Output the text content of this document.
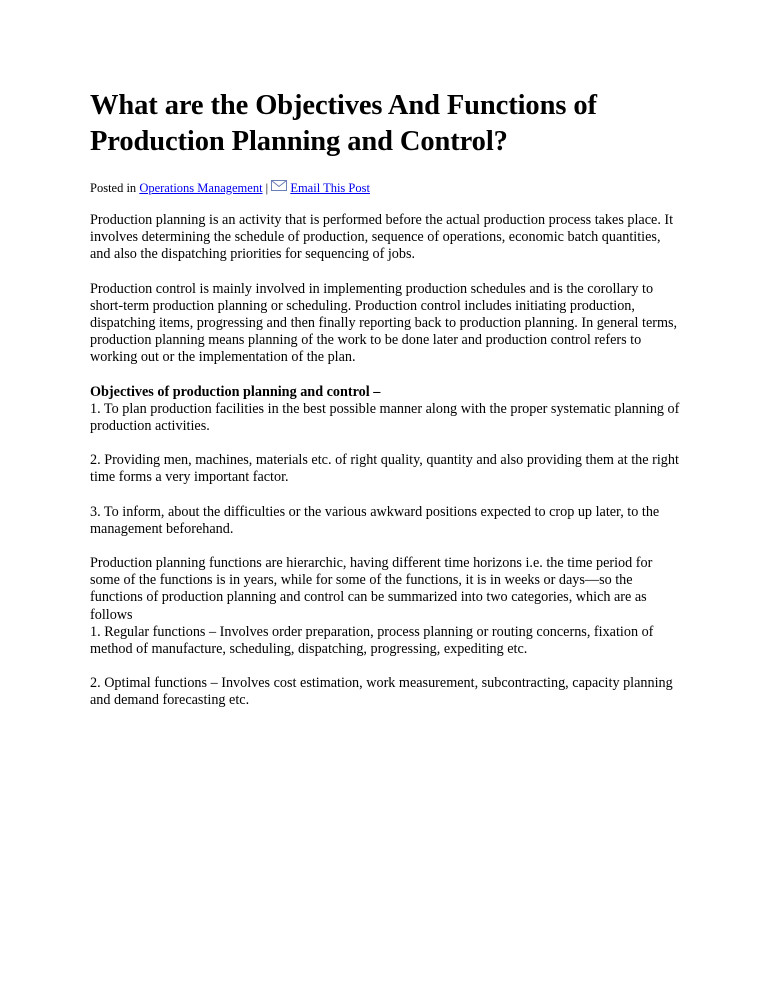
What are the Objectives And Functions of Production Planning and Control?
Posted in Operations Management | Email This Post

Production planning is an activity that is performed before the actual production process takes place. It involves determining the schedule of production, sequence of operations, economic batch quantities, and also the dispatching priorities for sequencing of jobs.

Production control is mainly involved in implementing production schedules and is the corollary to short-term production planning or scheduling. Production control includes initiating production, dispatching items, progressing and then finally reporting back to production planning. In general terms, production planning means planning of the work to be done later and production control refers to working out or the implementation of the plan.

Objectives of production planning and control –

1. To plan production facilities in the best possible manner along with the proper systematic planning of production activities.

2. Providing men, machines, materials etc. of right quality, quantity and also providing them at the right time forms a very important factor.

3. To inform, about the difficulties or the various awkward positions expected to crop up later, to the management beforehand.

Production planning functions are hierarchic, having different time horizons i.e. the time period for some of the functions is in years, while for some of the functions, it is in weeks or days—so the functions of production planning and control can be summarized into two categories, which are as follows

1. Regular functions – Involves order preparation, process planning or routing concerns, fixation of method of manufacture, scheduling, dispatching, progressing, expediting etc.

2. Optimal functions – Involves cost estimation, work measurement, subcontracting, capacity planning and demand forecasting etc.
